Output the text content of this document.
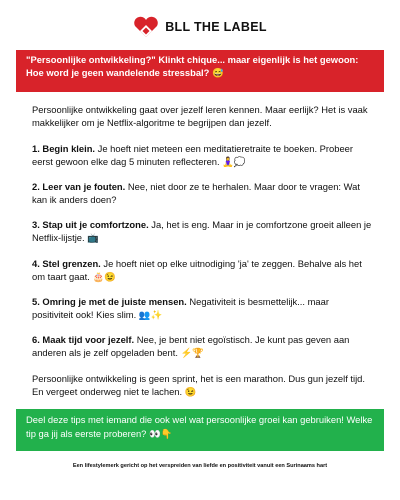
BLL THE LABEL
"Persoonlijke ontwikkeling?" Klinkt chique... maar eigenlijk is het gewoon: Hoe word je geen wandelende stressbal? 😅
Persoonlijke ontwikkeling gaat over jezelf leren kennen. Maar eerlijk? Het is vaak makkelijker om je Netflix-algoritme te begrijpen dan jezelf.
1. Begin klein. Je hoeft niet meteen een meditatieretraite te boeken. Probeer eerst gewoon elke dag 5 minuten reflecteren. 🧘‍♀️💭
2. Leer van je fouten. Nee, niet door ze te herhalen. Maar door te vragen: Wat kan ik anders doen?
3. Stap uit je comfortzone. Ja, het is eng. Maar in je comfortzone groeit alleen je Netflix-lijstje. 📺
4. Stel grenzen. Je hoeft niet op elke uitnodiging 'ja' te zeggen. Behalve als het om taart gaat. 🎂😉
5. Omring je met de juiste mensen. Negativiteit is besmettelijk... maar positiviteit ook! Kies slim. 👥✨
6. Maak tijd voor jezelf. Nee, je bent niet egoïstisch. Je kunt pas geven aan anderen als je zelf opgeladen bent. ⚡🏆
Persoonlijke ontwikkeling is geen sprint, het is een marathon. Dus gun jezelf tijd. En vergeet onderweg niet te lachen. 😉
Deel deze tips met iemand die ook wel wat persoonlijke groei kan gebruiken! Welke tip ga jij als eerste proberen? 👀👇
Een lifestylemerk gericht op het verspreiden van liefde en positiviteit vanuit een Surinaams hart
